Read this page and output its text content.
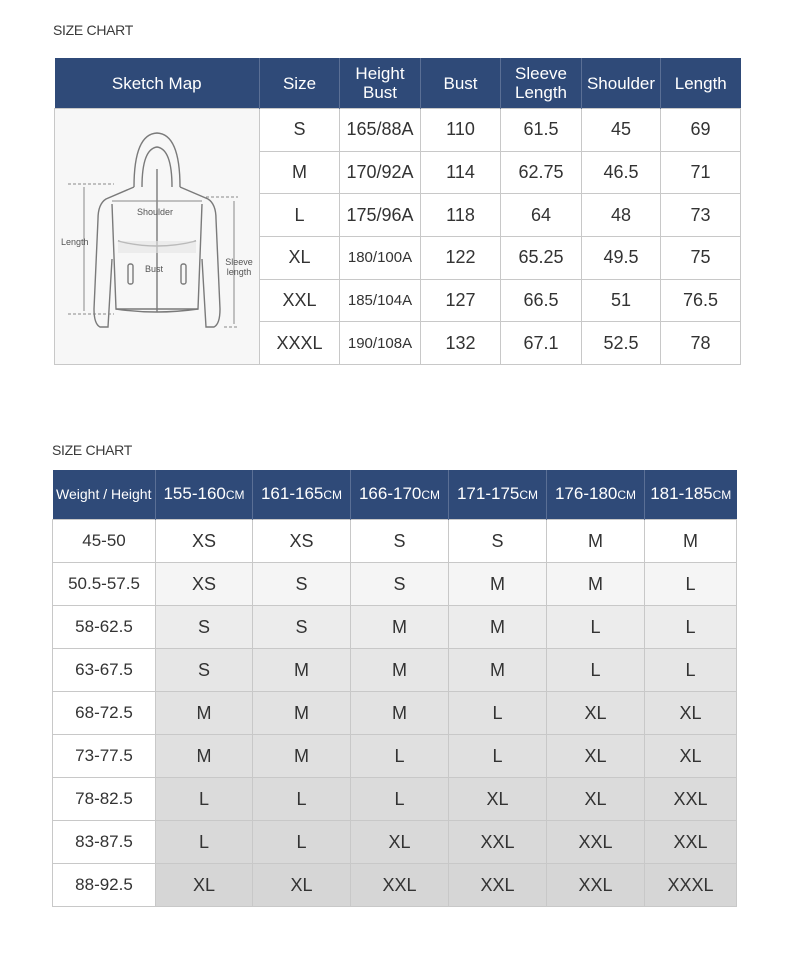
SIZE CHART
Sketch Map	Size	Height Bust	Bust	Sleeve Length	Shoulder	Length

Shoulder
Length
Bust
Sleeve length	S	165/88A	110	61.5	45	69
	M	170/92A	114	62.75	46.5	71
	L	175/96A	118	64	48	73
	XL	180/100A	122	65.25	49.5	75
	XXL	185/104A	127	66.5	51	76.5
	XXXL	190/108A	132	67.1	52.5	78
SIZE CHART
Weight / Height	155-160CM	161-165CM	166-170CM	171-175CM	176-180CM	181-185CM
45-50	XS	XS	S	S	M	M
50.5-57.5	XS	S	S	M	M	L
58-62.5	S	S	M	M	L	L
63-67.5	S	M	M	M	L	L
68-72.5	M	M	M	L	XL	XL
73-77.5	M	M	L	L	XL	XL
78-82.5	L	L	L	XL	XL	XXL
83-87.5	L	L	XL	XXL	XXL	XXL
88-92.5	XL	XL	XXL	XXL	XXL	XXXL
